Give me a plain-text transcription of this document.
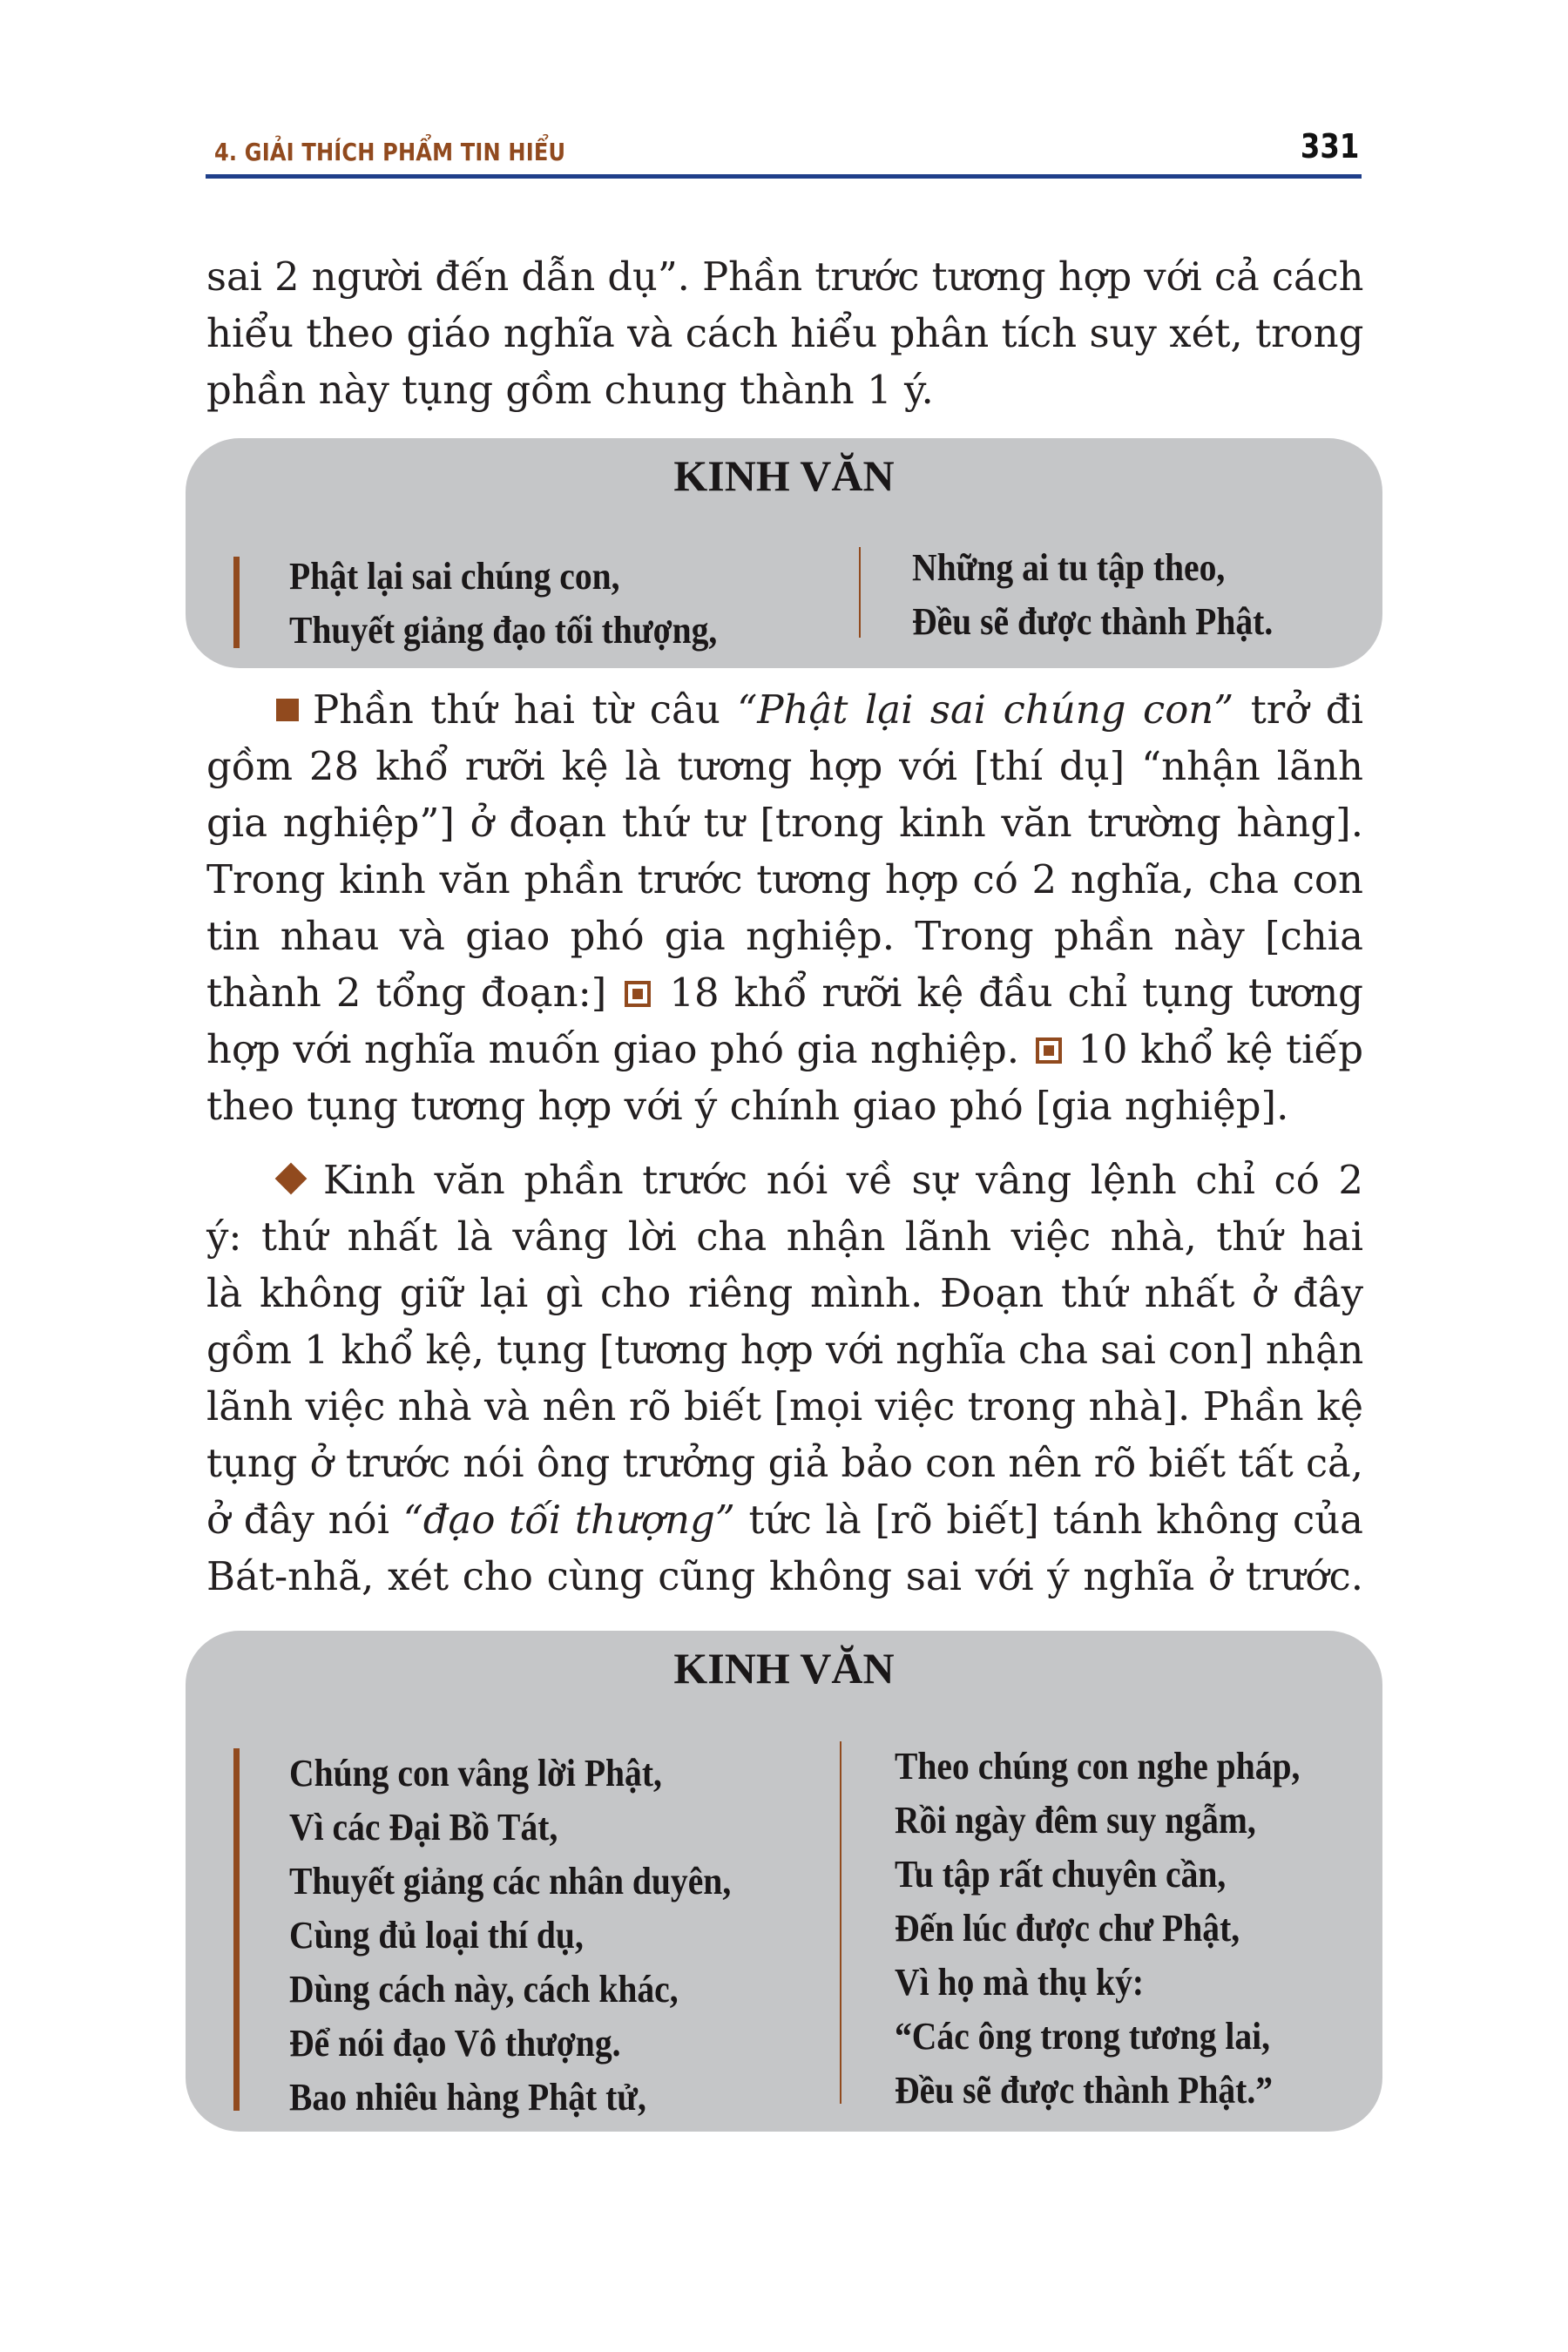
4. GIẢI THÍCH PHẨM TIN HIỂU	331
sai 2 người đến dẫn dụ”. Phần trước tương hợp với cả cách
hiểu theo giáo nghĩa và cách hiểu phân tích suy xét, trong
phần này tụng gồm chung thành 1 ý.
KINH VĂN
Phật lại sai chúng con,
Thuyết giảng đạo tối thượng,
Những ai tu tập theo,
Đều sẽ được thành Phật.
Phần thứ hai từ câu “Phật lại sai chúng con” trở đi
gồm 28 khổ rưỡi kệ là tương hợp với [thí dụ] “nhận lãnh
gia nghiệp”] ở đoạn thứ tư [trong kinh văn trường hàng].
Trong kinh văn phần trước tương hợp có 2 nghĩa, cha con
tin nhau và giao phó gia nghiệp. Trong phần này [chia
thành 2 tổng đoạn:] 18 khổ rưỡi kệ đầu chỉ tụng tương
hợp với nghĩa muốn giao phó gia nghiệp. 10 khổ kệ tiếp
theo tụng tương hợp với ý chính giao phó [gia nghiệp].
Kinh văn phần trước nói về sự vâng lệnh chỉ có 2
ý: thứ nhất là vâng lời cha nhận lãnh việc nhà, thứ hai
là không giữ lại gì cho riêng mình. Đoạn thứ nhất ở đây
gồm 1 khổ kệ, tụng [tương hợp với nghĩa cha sai con] nhận
lãnh việc nhà và nên rõ biết [mọi việc trong nhà]. Phần kệ
tụng ở trước nói ông trưởng giả bảo con nên rõ biết tất cả,
ở đây nói “đạo tối thượng” tức là [rõ biết] tánh không của
Bát-nhã, xét cho cùng cũng không sai với ý nghĩa ở trước.
KINH VĂN
Chúng con vâng lời Phật,
Vì các Đại Bồ Tát,
Thuyết giảng các nhân duyên,
Cùng đủ loại thí dụ,
Dùng cách này, cách khác,
Để nói đạo Vô thượng.
Bao nhiêu hàng Phật tử,
Theo chúng con nghe pháp,
Rồi ngày đêm suy ngẫm,
Tu tập rất chuyên cần,
Đến lúc được chư Phật,
Vì họ mà thụ ký:
“Các ông trong tương lai,
Đều sẽ được thành Phật.”
